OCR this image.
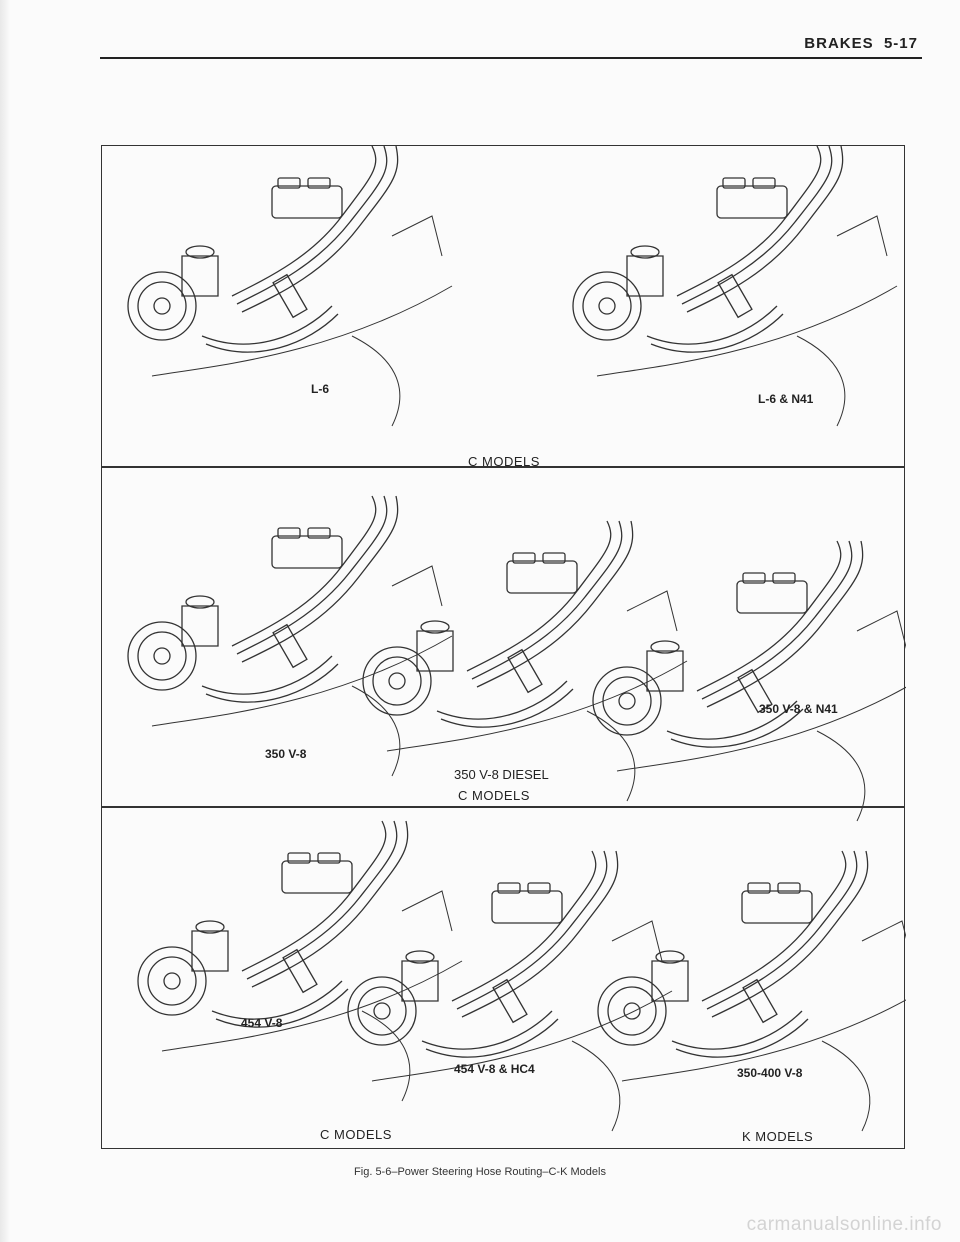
BRAKES 5-17
L-6
L-6 & N41
C MODELS
350 V-8
350 V-8 DIESEL
350 V-8 & N41
C MODELS
454 V-8
454 V-8 & HC4	350-400 V-8
C MODELS	K MODELS
Fig. 5-6–Power Steering Hose Routing–C-K Models
carmanualsonline.info
